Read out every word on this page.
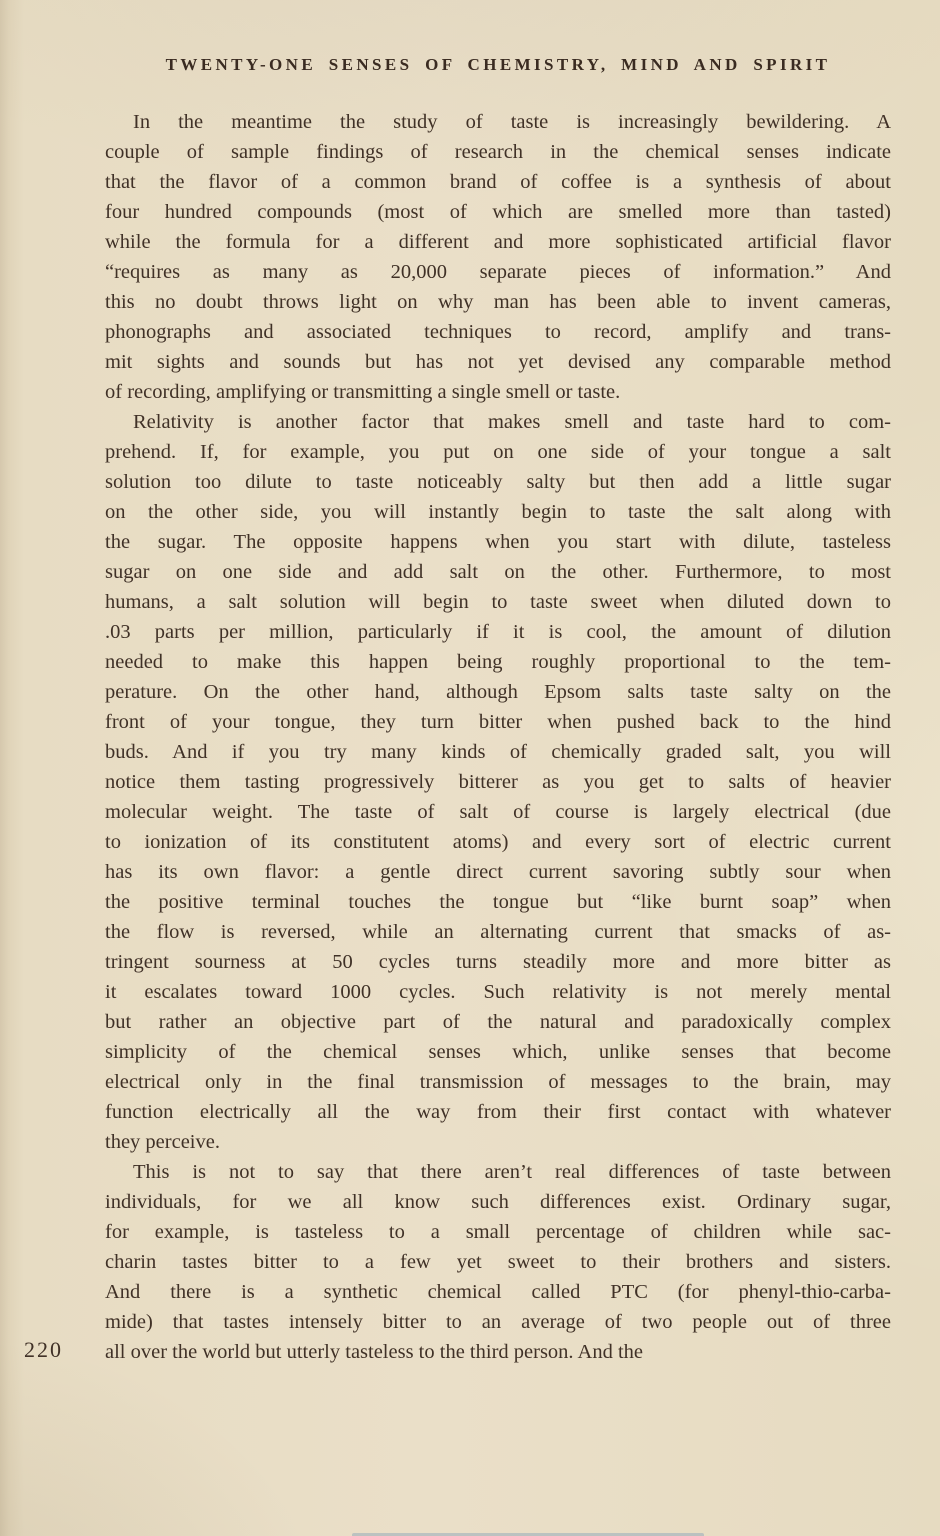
TWENTY-ONE SENSES OF CHEMISTRY, MIND AND SPIRIT
In the meantime the study of taste is increasingly bewildering. A
couple of sample findings of research in the chemical senses indicate
that the flavor of a common brand of coffee is a synthesis of about
four hundred compounds (most of which are smelled more than tasted)
while the formula for a different and more sophisticated artificial flavor
“requires as many as 20,000 separate pieces of information.” And
this no doubt throws light on why man has been able to invent cameras,
phonographs and associated techniques to record, amplify and trans-
mit sights and sounds but has not yet devised any comparable method
of recording, amplifying or transmitting a single smell or taste.
Relativity is another factor that makes smell and taste hard to com-
prehend. If, for example, you put on one side of your tongue a salt
solution too dilute to taste noticeably salty but then add a little sugar
on the other side, you will instantly begin to taste the salt along with
the sugar. The opposite happens when you start with dilute, tasteless
sugar on one side and add salt on the other. Furthermore, to most
humans, a salt solution will begin to taste sweet when diluted down to
.03 parts per million, particularly if it is cool, the amount of dilution
needed to make this happen being roughly proportional to the tem-
perature. On the other hand, although Epsom salts taste salty on the
front of your tongue, they turn bitter when pushed back to the hind
buds. And if you try many kinds of chemically graded salt, you will
notice them tasting progressively bitterer as you get to salts of heavier
molecular weight. The taste of salt of course is largely electrical (due
to ionization of its constitutent atoms) and every sort of electric current
has its own flavor: a gentle direct current savoring subtly sour when
the positive terminal touches the tongue but “like burnt soap” when
the flow is reversed, while an alternating current that smacks of as-
tringent sourness at 50 cycles turns steadily more and more bitter as
it escalates toward 1000 cycles. Such relativity is not merely mental
but rather an objective part of the natural and paradoxically complex
simplicity of the chemical senses which, unlike senses that become
electrical only in the final transmission of messages to the brain, may
function electrically all the way from their first contact with whatever
they perceive.
This is not to say that there aren’t real differences of taste between
individuals, for we all know such differences exist. Ordinary sugar,
for example, is tasteless to a small percentage of children while sac-
charin tastes bitter to a few yet sweet to their brothers and sisters.
And there is a synthetic chemical called PTC (for phenyl-thio-carba-
mide) that tastes intensely bitter to an average of two people out of three
all over the world but utterly tasteless to the third person. And the
220
